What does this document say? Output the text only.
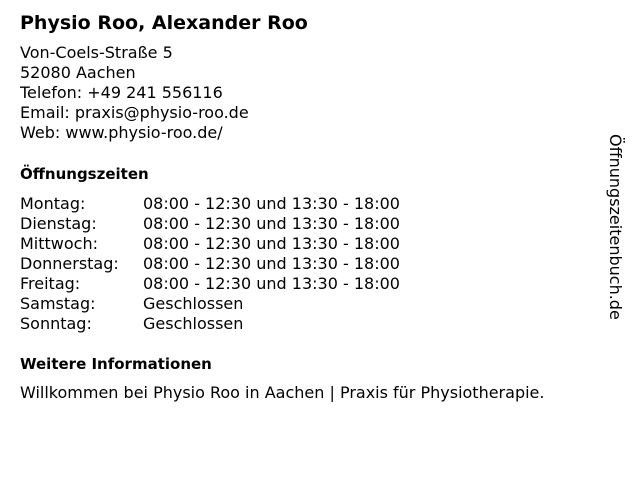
Physio Roo, Alexander Roo
Von-Coels-Straße 5
52080 Aachen
Telefon: +49 241 556116
Email: praxis@physio-roo.de
Web: www.physio-roo.de/
Öffnungszeiten
Montag:	08:00 - 12:30 und 13:30 - 18:00
Dienstag:	08:00 - 12:30 und 13:30 - 18:00
Mittwoch:	08:00 - 12:30 und 13:30 - 18:00
Donnerstag:	08:00 - 12:30 und 13:30 - 18:00
Freitag:	08:00 - 12:30 und 13:30 - 18:00
Samstag:	Geschlossen
Sonntag:	Geschlossen
Weitere Informationen
Willkommen bei Physio Roo in Aachen | Praxis für Physiotherapie.
Öffnungszeitenbuch.de
